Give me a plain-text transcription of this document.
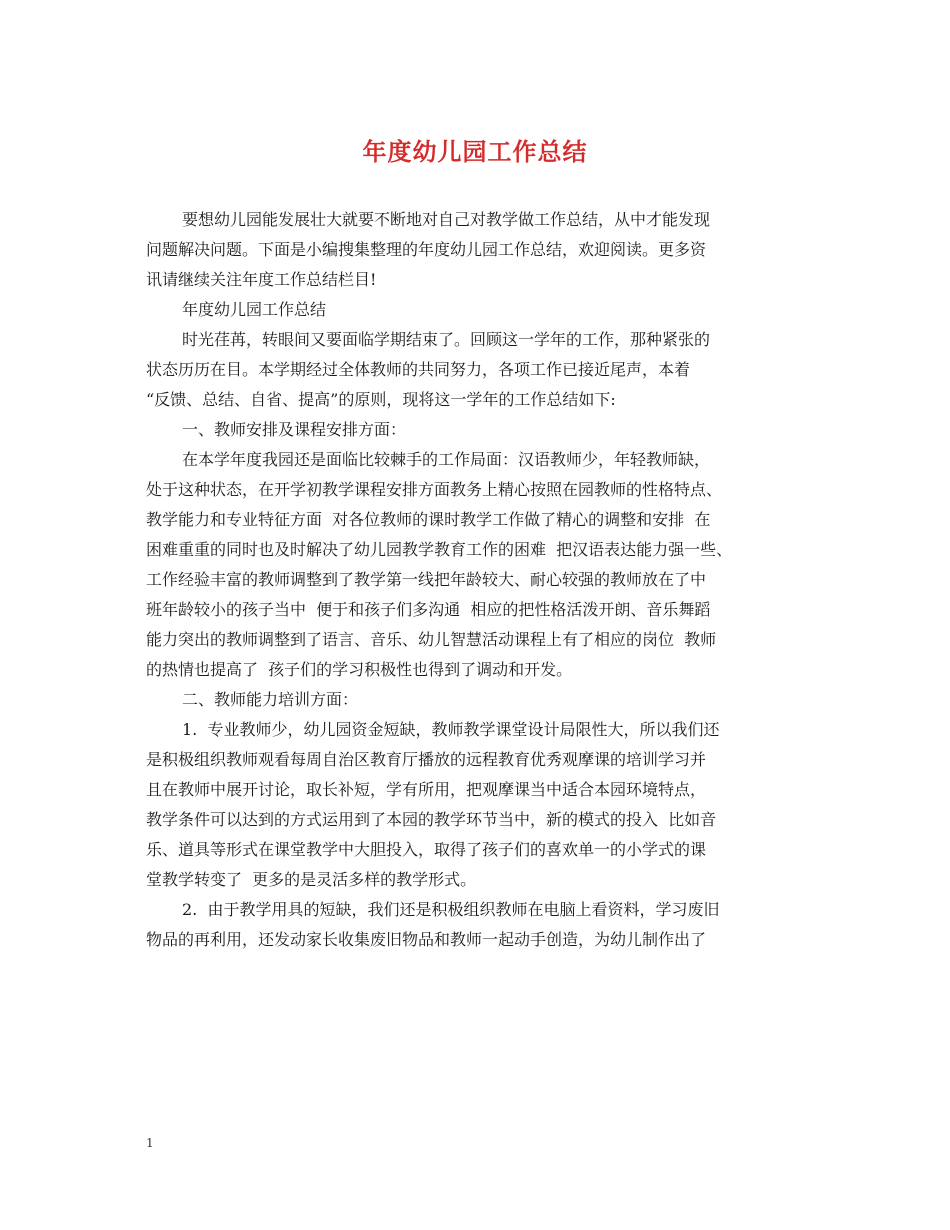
年度幼儿园工作总结
要想幼儿园能发展壮大就要不断地对自己对教学做工作总结，从中才能发现
问题解决问题。下面是小编搜集整理的年度幼儿园工作总结，欢迎阅读。更多资
讯请继续关注年度工作总结栏目!
年度幼儿园工作总结
时光荏苒，转眼间又要面临学期结束了。回顾这一学年的工作，那种紧张的
状态历历在目。本学期经过全体教师的共同努力，各项工作已接近尾声，本着
“反馈、总结、自省、提高”的原则，现将这一学年的工作总结如下:
一、教师安排及课程安排方面：
在本学年度我园还是面临比较棘手的工作局面：汉语教师少，年轻教师缺，
处于这种状态，在开学初教学课程安排方面教务上精心按照在园教师的性格特点、
教学能力和专业特征方面  对各位教师的课时教学工作做了精心的调整和安排  在
困难重重的同时也及时解决了幼儿园教学教育工作的困难  把汉语表达能力强一些、
工作经验丰富的教师调整到了教学第一线把年龄较大、耐心较强的教师放在了中
班年龄较小的孩子当中  便于和孩子们多沟通  相应的把性格活泼开朗、音乐舞蹈
能力突出的教师调整到了语言、音乐、幼儿智慧活动课程上有了相应的岗位  教师
的热情也提高了  孩子们的学习积极性也得到了调动和开发。
二、教师能力培训方面：
1.  专业教师少，幼儿园资金短缺，教师教学课堂设计局限性大，所以我们还
是积极组织教师观看每周自治区教育厅播放的远程教育优秀观摩课的培训学习并
且在教师中展开讨论，取长补短，学有所用，把观摩课当中适合本园环境特点，
教学条件可以达到的方式运用到了本园的教学环节当中，新的模式的投入  比如音
乐、道具等形式在课堂教学中大胆投入，取得了孩子们的喜欢单一的小学式的课
堂教学转变了  更多的是灵活多样的教学形式。
2.  由于教学用具的短缺，我们还是积极组织教师在电脑上看资料，学习废旧
物品的再利用，还发动家长收集废旧物品和教师一起动手创造，为幼儿制作出了
1
